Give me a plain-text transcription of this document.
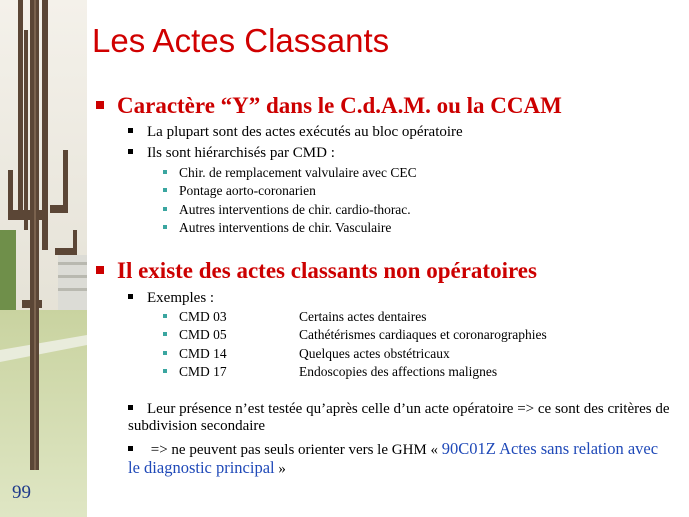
99
Les Actes Classants
Caractère “Y” dans le C.d.A.M. ou la CCAM
La plupart sont des actes exécutés au bloc opératoire
Ils sont hiérarchisés par CMD :
Chir. de remplacement valvulaire avec CEC
Pontage aorto-coronarien
Autres interventions de chir. cardio-thorac.
Autres interventions de chir. Vasculaire
Il existe des actes classants non opératoires
Exemples :
CMD 03	Certains actes dentaires
CMD 05	Cathétérismes cardiaques et coronarographies
CMD 14	Quelques actes obstétricaux
CMD 17	Endoscopies des affections malignes
Leur présence n’est testée qu’après celle d’un acte opératoire => ce sont des critères de subdivision secondaire
=> ne peuvent pas seuls orienter vers le GHM « 90C01Z Actes sans relation avec le diagnostic principal »
